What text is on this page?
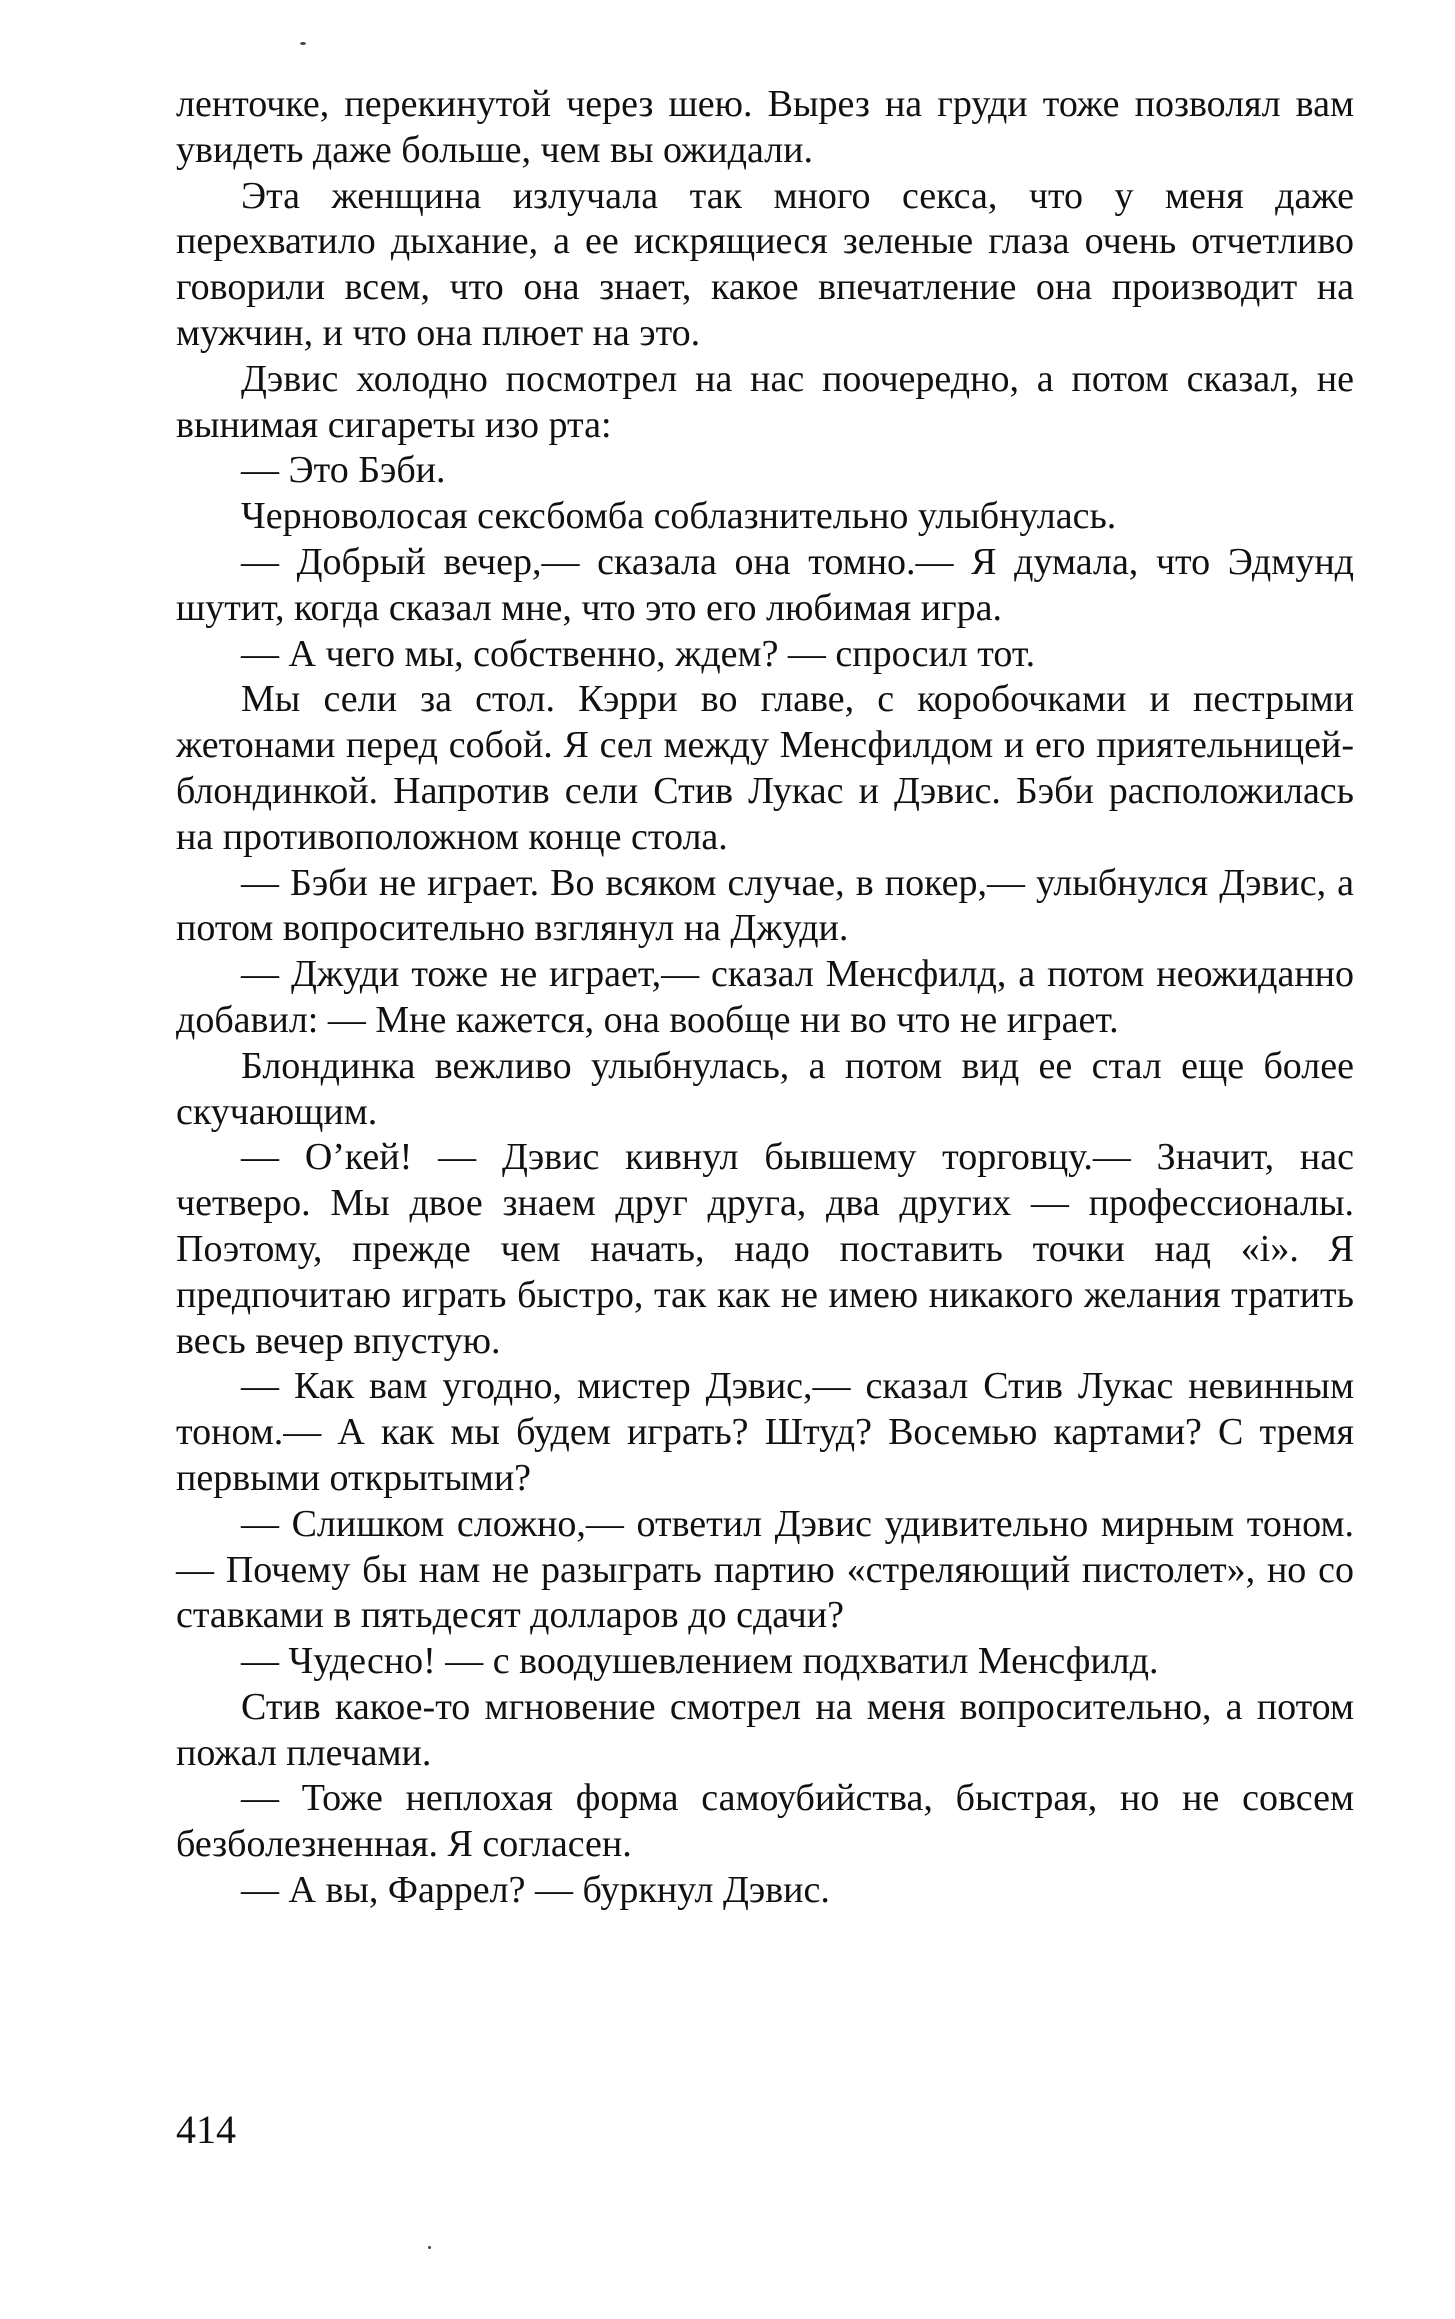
ленточке, перекинутой через шею. Вырез на груди тоже позволял вам увидеть даже больше, чем вы ожидали.

Эта женщина излучала так много секса, что у меня даже перехватило дыхание, а ее искрящиеся зеленые глаза очень отчетливо говорили всем, что она знает, какое впечатление она производит на мужчин, и что она плюет на это.

Дэвис холодно посмотрел на нас поочередно, а потом сказал, не вынимая сигареты изо рта:

— Это Бэби.

Черноволосая сексбомба соблазнительно улыбнулась.

— Добрый вечер,— сказала она томно.— Я думала, что Эдмунд шутит, когда сказал мне, что это его любимая игра.

— А чего мы, собственно, ждем? — спросил тот.

Мы сели за стол. Кэрри во главе, с коробочками и пестрыми жетонами перед собой. Я сел между Менсфилдом и его приятельницей-блондинкой. Напротив сели Стив Лукас и Дэвис. Бэби расположилась на противоположном конце стола.

— Бэби не играет. Во всяком случае, в покер,— улыбнулся Дэвис, а потом вопросительно взглянул на Джуди.

— Джуди тоже не играет,— сказал Менсфилд, а потом неожиданно добавил: — Мне кажется, она вообще ни во что не играет.

Блондинка вежливо улыбнулась, а потом вид ее стал еще более скучающим.

— О’кей! — Дэвис кивнул бывшему торговцу.— Значит, нас четверо. Мы двое знаем друг друга, два других — профессионалы. Поэтому, прежде чем начать, надо поставить точки над «i». Я предпочитаю играть быстро, так как не имею никакого желания тратить весь вечер впустую.

— Как вам угодно, мистер Дэвис,— сказал Стив Лукас невинным тоном.— А как мы будем играть? Штуд? Восемью картами? С тремя первыми открытыми?

— Слишком сложно,— ответил Дэвис удивительно мирным тоном.— Почему бы нам не разыграть партию «стреляющий пистолет», но со ставками в пятьдесят долларов до сдачи?

— Чудесно! — с воодушевлением подхватил Менсфилд.

Стив какое-то мгновение смотрел на меня вопросительно, а потом пожал плечами.

— Тоже неплохая форма самоубийства, быстрая, но не совсем безболезненная. Я согласен.

— А вы, Фаррел? — буркнул Дэвис.

414
